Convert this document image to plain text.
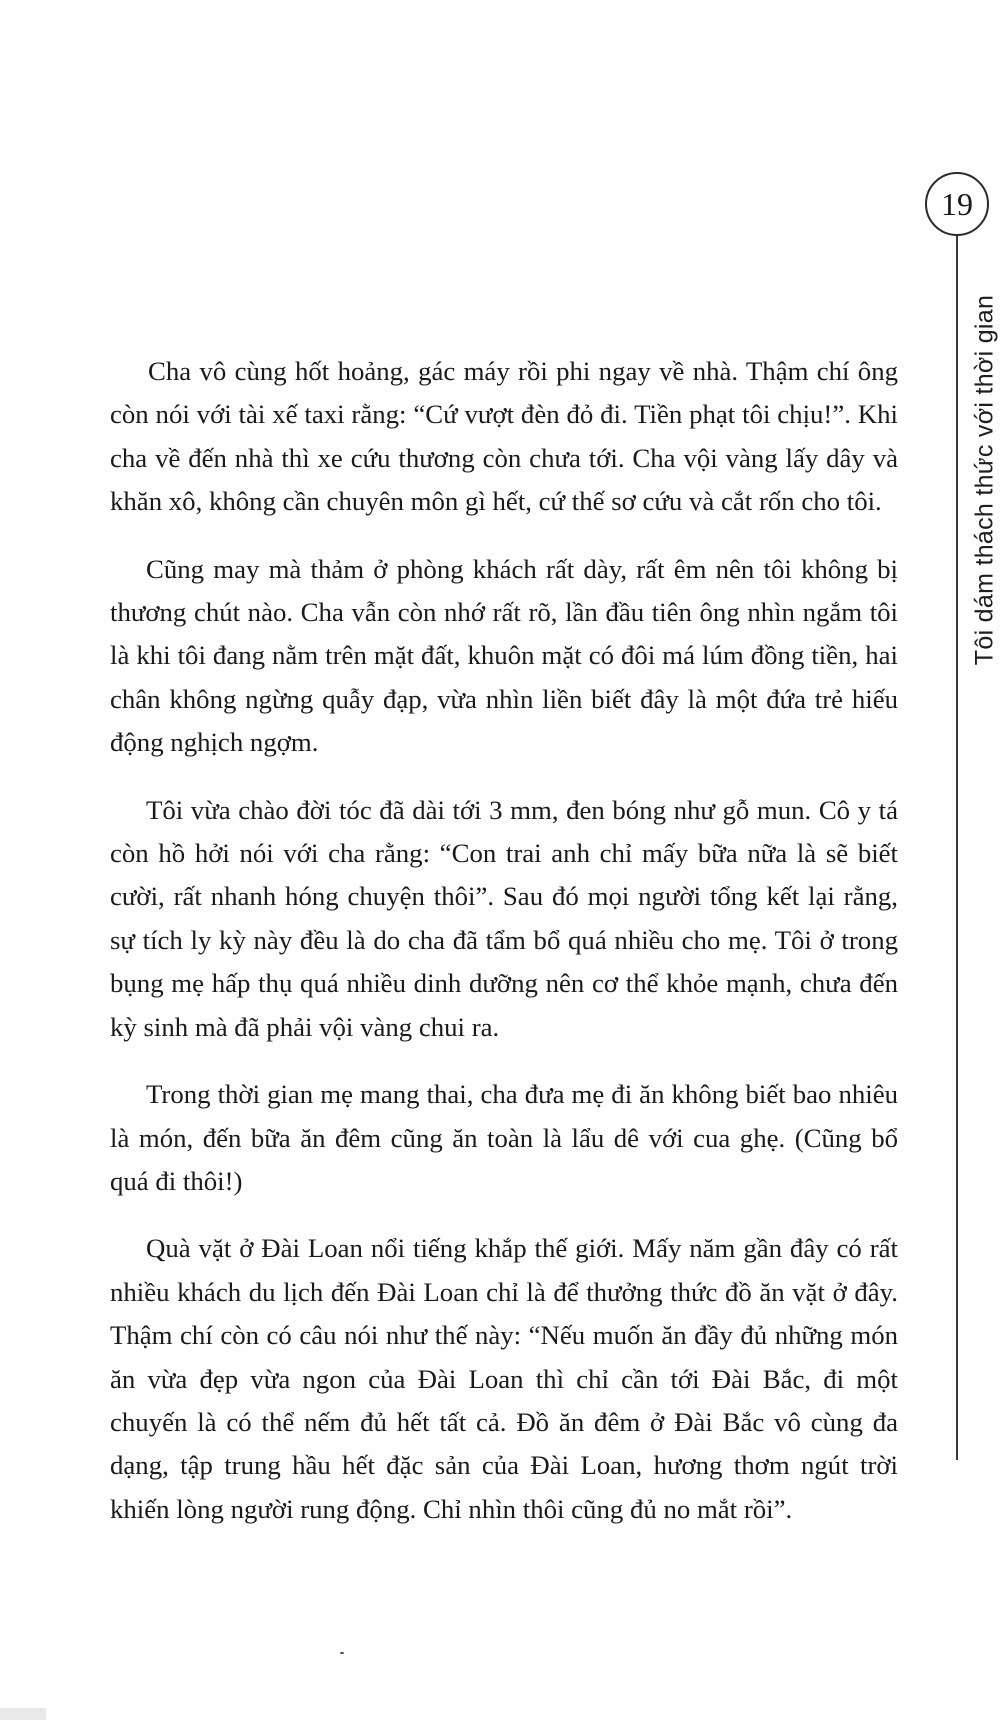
19
Tôi dám thách thức với thời gian

Cha vô cùng hốt hoảng, gác máy rồi phi ngay về nhà. Thậm chí ông còn nói với tài xế taxi rằng: “Cứ vượt đèn đỏ đi. Tiền phạt tôi chịu!”. Khi cha về đến nhà thì xe cứu thương còn chưa tới. Cha vội vàng lấy dây và khăn xô, không cần chuyên môn gì hết, cứ thế sơ cứu và cắt rốn cho tôi.

Cũng may mà thảm ở phòng khách rất dày, rất êm nên tôi không bị thương chút nào. Cha vẫn còn nhớ rất rõ, lần đầu tiên ông nhìn ngắm tôi là khi tôi đang nằm trên mặt đất, khuôn mặt có đôi má lúm đồng tiền, hai chân không ngừng quẫy đạp, vừa nhìn liền biết đây là một đứa trẻ hiếu động nghịch ngợm.

Tôi vừa chào đời tóc đã dài tới 3 mm, đen bóng như gỗ mun. Cô y tá còn hồ hởi nói với cha rằng: “Con trai anh chỉ mấy bữa nữa là sẽ biết cười, rất nhanh hóng chuyện thôi”. Sau đó mọi người tổng kết lại rằng, sự tích ly kỳ này đều là do cha đã tẩm bổ quá nhiều cho mẹ. Tôi ở trong bụng mẹ hấp thụ quá nhiều dinh dưỡng nên cơ thể khỏe mạnh, chưa đến kỳ sinh mà đã phải vội vàng chui ra.

Trong thời gian mẹ mang thai, cha đưa mẹ đi ăn không biết bao nhiêu là món, đến bữa ăn đêm cũng ăn toàn là lẩu dê với cua ghẹ. (Cũng bổ quá đi thôi!)

Quà vặt ở Đài Loan nổi tiếng khắp thế giới. Mấy năm gần đây có rất nhiều khách du lịch đến Đài Loan chỉ là để thưởng thức đồ ăn vặt ở đây. Thậm chí còn có câu nói như thế này: “Nếu muốn ăn đầy đủ những món ăn vừa đẹp vừa ngon của Đài Loan thì chỉ cần tới Đài Bắc, đi một chuyến là có thể nếm đủ hết tất cả. Đồ ăn đêm ở Đài Bắc vô cùng đa dạng, tập trung hầu hết đặc sản của Đài Loan, hương thơm ngút trời khiến lòng người rung động. Chỉ nhìn thôi cũng đủ no mắt rồi”.
